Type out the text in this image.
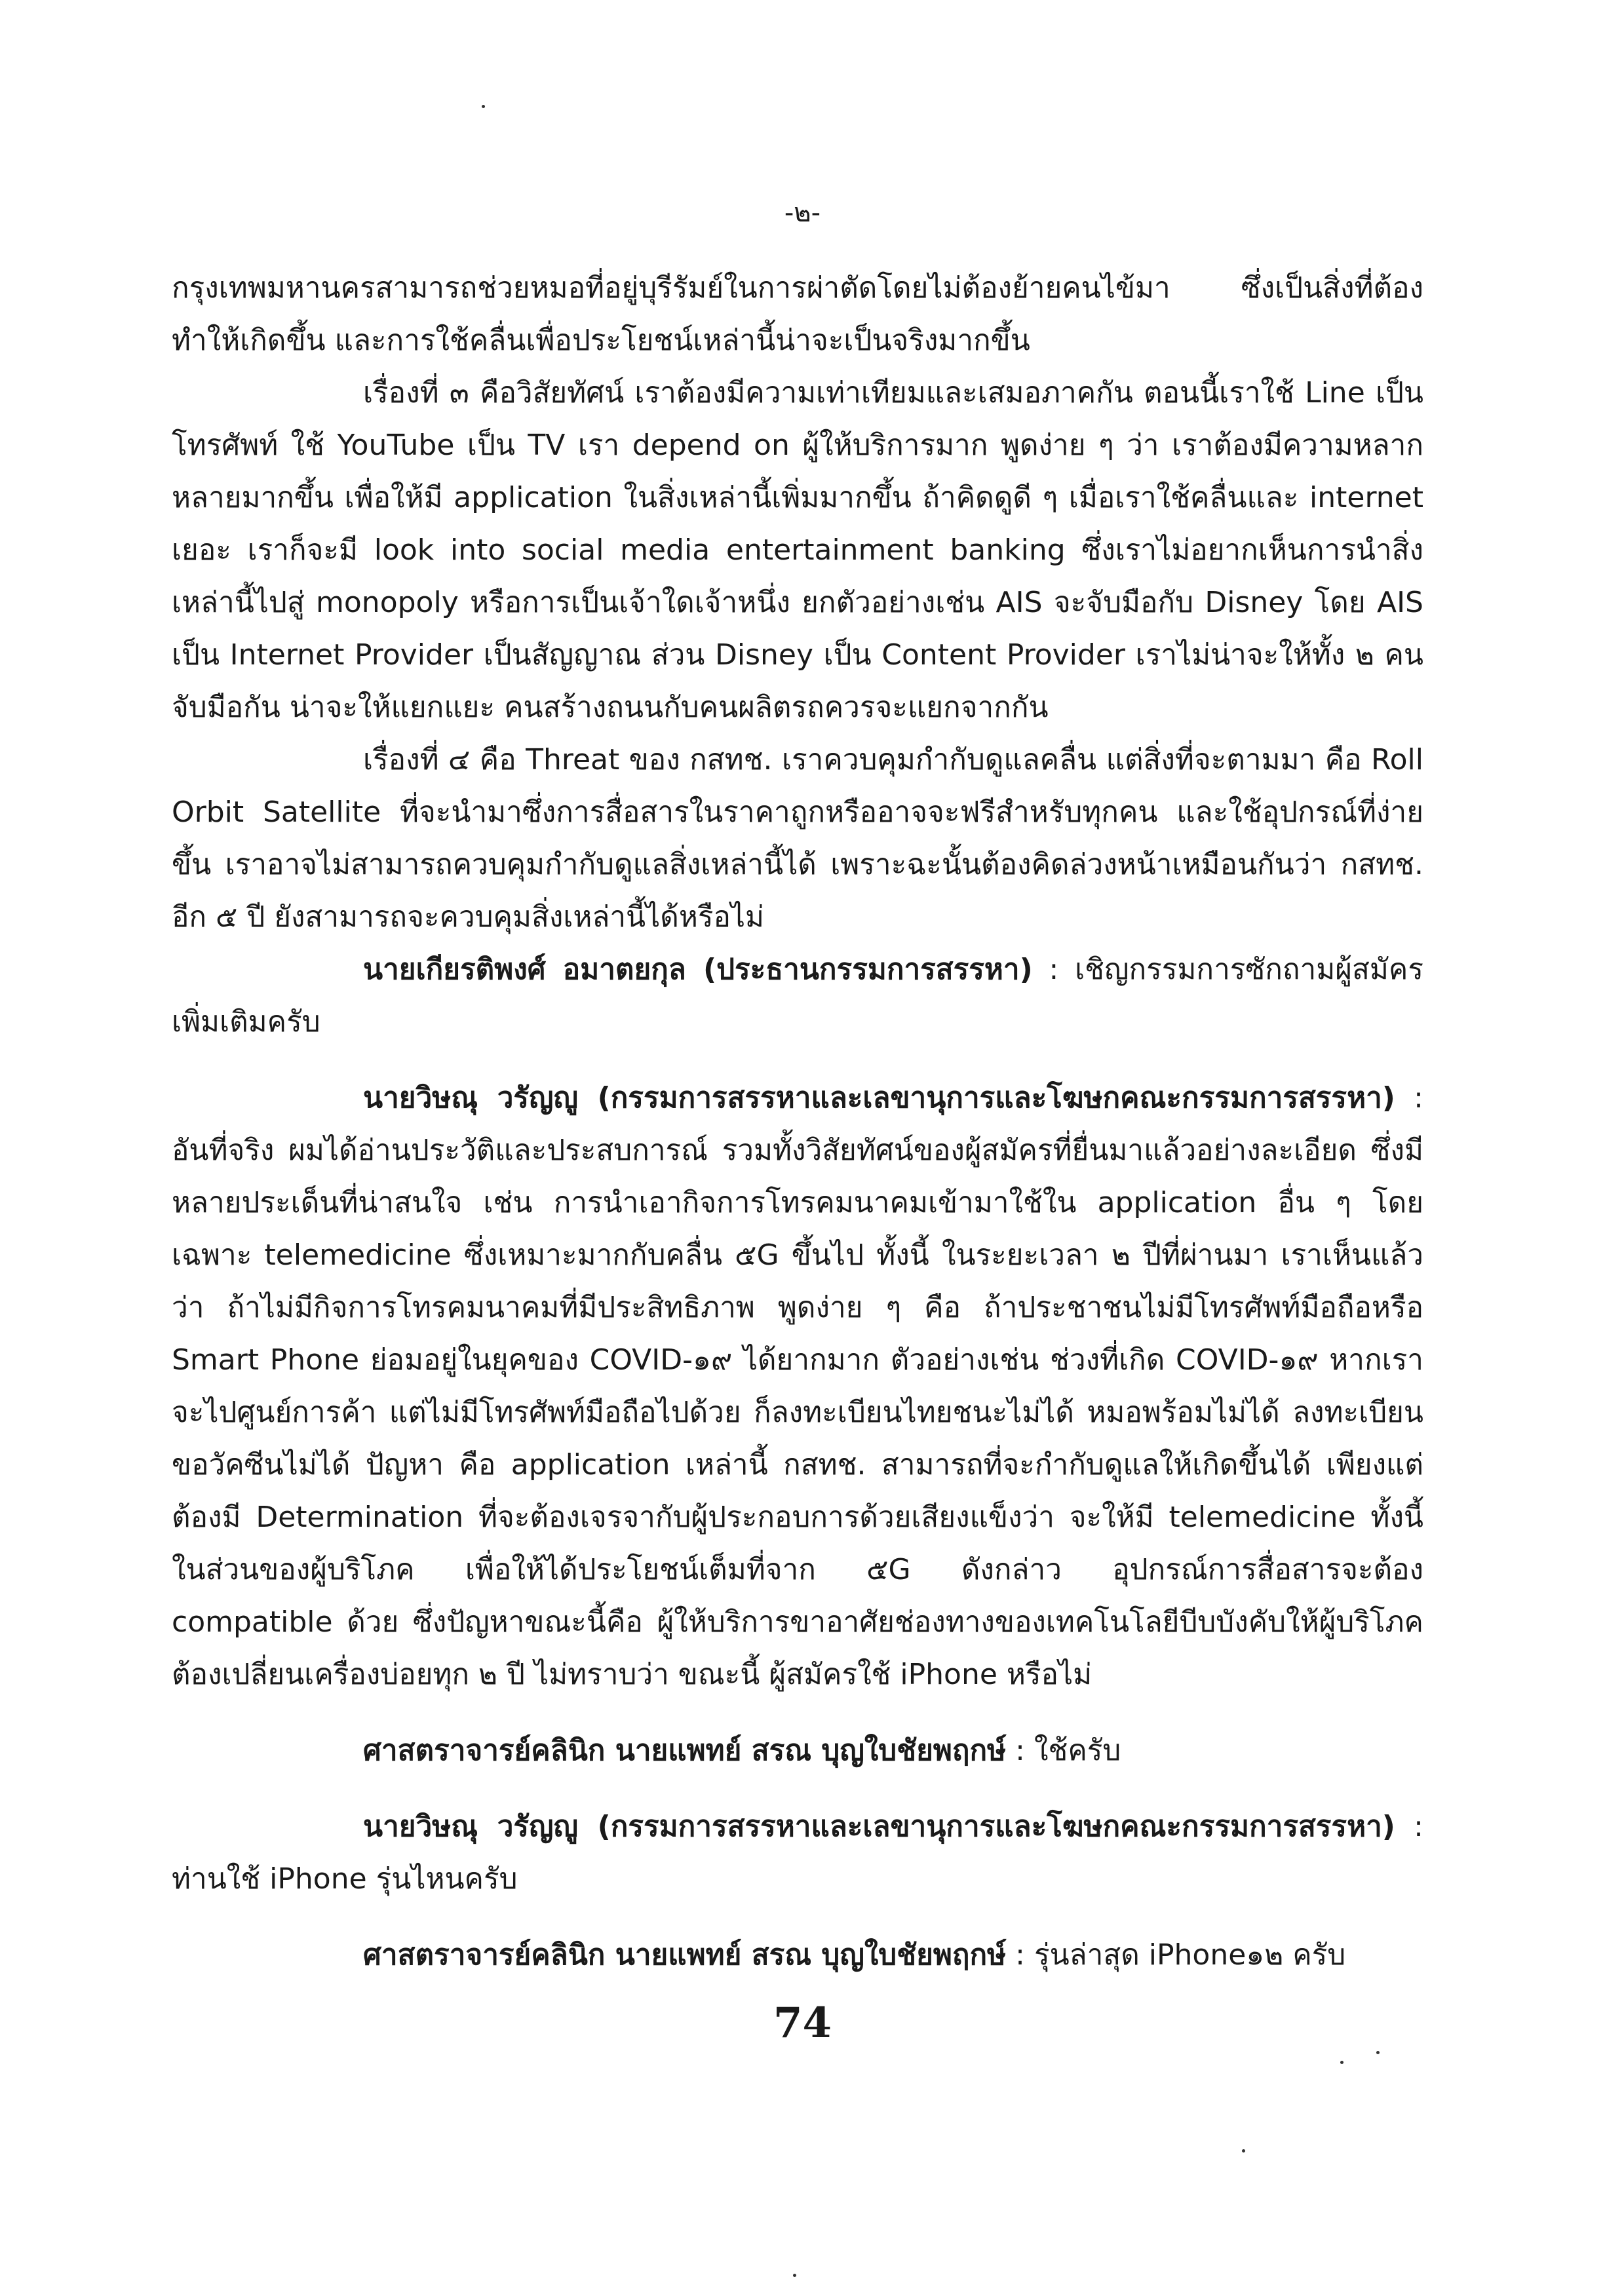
-๒-

กรุงเทพมหานครสามารถช่วยหมอที่อยู่บุรีรัมย์ในการผ่าตัดโดยไม่ต้องย้ายคนไข้มา ซึ่งเป็นสิ่งที่ต้องทำให้เกิดขึ้น และการใช้คลื่นเพื่อประโยชน์เหล่านี้น่าจะเป็นจริงมากขึ้น

เรื่องที่ ๓ คือวิสัยทัศน์ เราต้องมีความเท่าเทียมและเสมอภาคกัน ตอนนี้เราใช้ Line เป็นโทรศัพท์ ใช้ YouTube เป็น TV เรา depend on ผู้ให้บริการมาก พูดง่าย ๆ ว่า เราต้องมีความหลากหลายมากขึ้น เพื่อให้มี application ในสิ่งเหล่านี้เพิ่มมากขึ้น ถ้าคิดดูดี ๆ เมื่อเราใช้คลื่นและ internet เยอะ เราก็จะมี look into social media entertainment banking ซึ่งเราไม่อยากเห็นการนำสิ่งเหล่านี้ไปสู่ monopoly หรือการเป็นเจ้าใดเจ้าหนึ่ง ยกตัวอย่างเช่น AIS จะจับมือกับ Disney โดย AIS เป็น Internet Provider เป็นสัญญาณ ส่วน Disney เป็น Content Provider เราไม่น่าจะให้ทั้ง ๒ คนจับมือกัน น่าจะให้แยกแยะ คนสร้างถนนกับคนผลิตรถควรจะแยกจากกัน

เรื่องที่ ๔ คือ Threat ของ กสทช. เราควบคุมกำกับดูแลคลื่น แต่สิ่งที่จะตามมา คือ Roll Orbit Satellite ที่จะนำมาซึ่งการสื่อสารในราคาถูกหรืออาจจะฟรีสำหรับทุกคน และใช้อุปกรณ์ที่ง่ายขึ้น เราอาจไม่สามารถควบคุมกำกับดูแลสิ่งเหล่านี้ได้ เพราะฉะนั้นต้องคิดล่วงหน้าเหมือนกันว่า กสทช. อีก ๕ ปี ยังสามารถจะควบคุมสิ่งเหล่านี้ได้หรือไม่

นายเกียรติพงศ์ อมาตยกุล (ประธานกรรมการสรรหา) : เชิญกรรมการซักถามผู้สมัครเพิ่มเติมครับ

นายวิษณุ วรัญญู (กรรมการสรรหาและเลขานุการและโฆษกคณะกรรมการสรรหา) : อันที่จริง ผมได้อ่านประวัติและประสบการณ์ รวมทั้งวิสัยทัศน์ของผู้สมัครที่ยื่นมาแล้วอย่างละเอียด ซึ่งมีหลายประเด็นที่น่าสนใจ เช่น การนำเอากิจการโทรคมนาคมเข้ามาใช้ใน application อื่น ๆ โดยเฉพาะ telemedicine ซึ่งเหมาะมากกับคลื่น ๕G ขึ้นไป ทั้งนี้ ในระยะเวลา ๒ ปีที่ผ่านมา เราเห็นแล้วว่า ถ้าไม่มีกิจการโทรคมนาคมที่มีประสิทธิภาพ พูดง่าย ๆ คือ ถ้าประชาชนไม่มีโทรศัพท์มือถือหรือ Smart Phone ย่อมอยู่ในยุคของ COVID-๑๙ ได้ยากมาก ตัวอย่างเช่น ช่วงที่เกิด COVID-๑๙ หากเราจะไปศูนย์การค้า แต่ไม่มีโทรศัพท์มือถือไปด้วย ก็ลงทะเบียนไทยชนะไม่ได้ หมอพร้อมไม่ได้ ลงทะเบียนขอวัคซีนไม่ได้ ปัญหา คือ application เหล่านี้ กสทช. สามารถที่จะกำกับดูแลให้เกิดขึ้นได้ เพียงแต่ต้องมี Determination ที่จะต้องเจรจากับผู้ประกอบการด้วยเสียงแข็งว่า จะให้มี telemedicine ทั้งนี้ ในส่วนของผู้บริโภค เพื่อให้ได้ประโยชน์เต็มที่จาก ๕G ดังกล่าว อุปกรณ์การสื่อสารจะต้อง compatible ด้วย ซึ่งปัญหาขณะนี้คือ ผู้ให้บริการขาอาศัยช่องทางของเทคโนโลยีบีบบังคับให้ผู้บริโภคต้องเปลี่ยนเครื่องบ่อยทุก ๒ ปี ไม่ทราบว่า ขณะนี้ ผู้สมัครใช้ iPhone หรือไม่

ศาสตราจารย์คลินิก นายแพทย์ สรณ บุญใบชัยพฤกษ์ : ใช้ครับ

นายวิษณุ วรัญญู (กรรมการสรรหาและเลขานุการและโฆษกคณะกรรมการสรรหา) : ท่านใช้ iPhone รุ่นไหนครับ

ศาสตราจารย์คลินิก นายแพทย์ สรณ บุญใบชัยพฤกษ์ : รุ่นล่าสุด iPhone๑๒ ครับ

74
